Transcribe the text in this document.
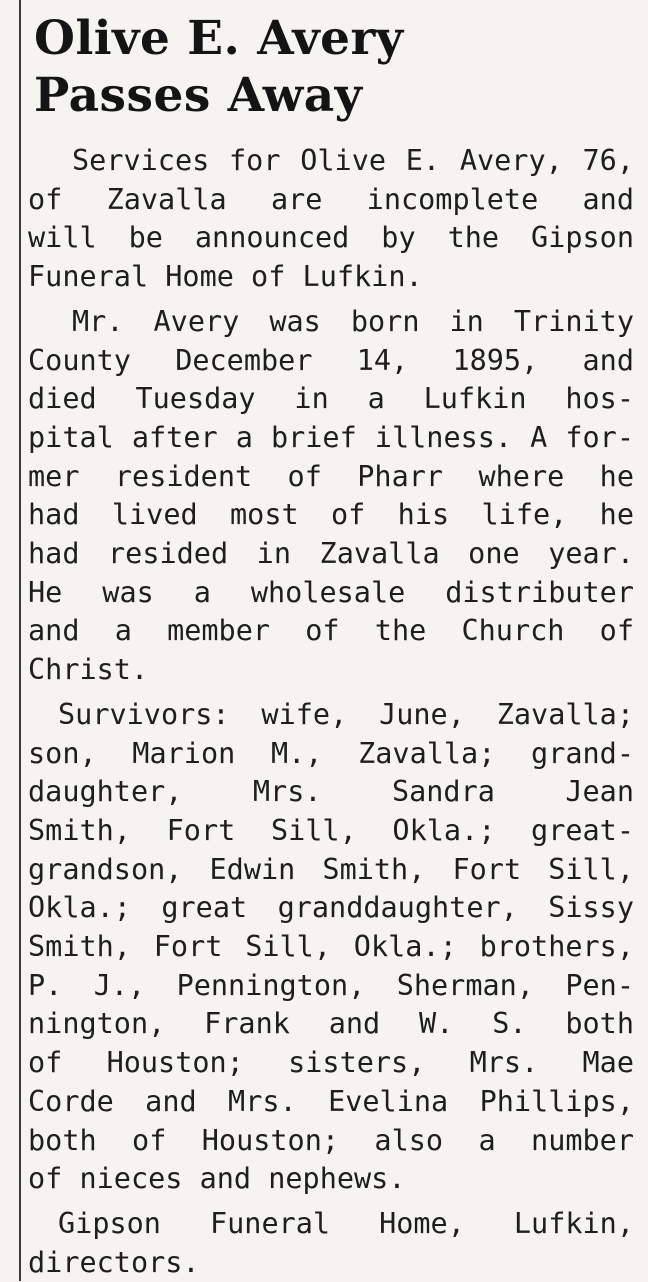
Olive E. Avery
Passes Away

Services for Olive E. Avery, 76,
of Zavalla are incomplete and
will be announced by the Gipson
Funeral Home of Lufkin.

Mr. Avery was born in Trinity
County December 14, 1895, and
died Tuesday in a Lufkin hos-
pital after a brief illness. A for-
mer resident of Pharr where he
had lived most of his life, he
had resided in Zavalla one year.
He was a wholesale distributer
and a member of the Church of
Christ.

Survivors: wife, June, Zavalla;
son, Marion M., Zavalla; grand-
daughter, Mrs. Sandra Jean
Smith, Fort Sill, Okla.; great-
grandson, Edwin Smith, Fort Sill,
Okla.; great granddaughter, Sissy
Smith, Fort Sill, Okla.; brothers,
P. J., Pennington, Sherman, Pen-
nington, Frank and W. S. both
of Houston; sisters, Mrs. Mae
Corde and Mrs. Evelina Phillips,
both of Houston; also a number
of nieces and nephews.

Gipson Funeral Home, Lufkin,
directors.
